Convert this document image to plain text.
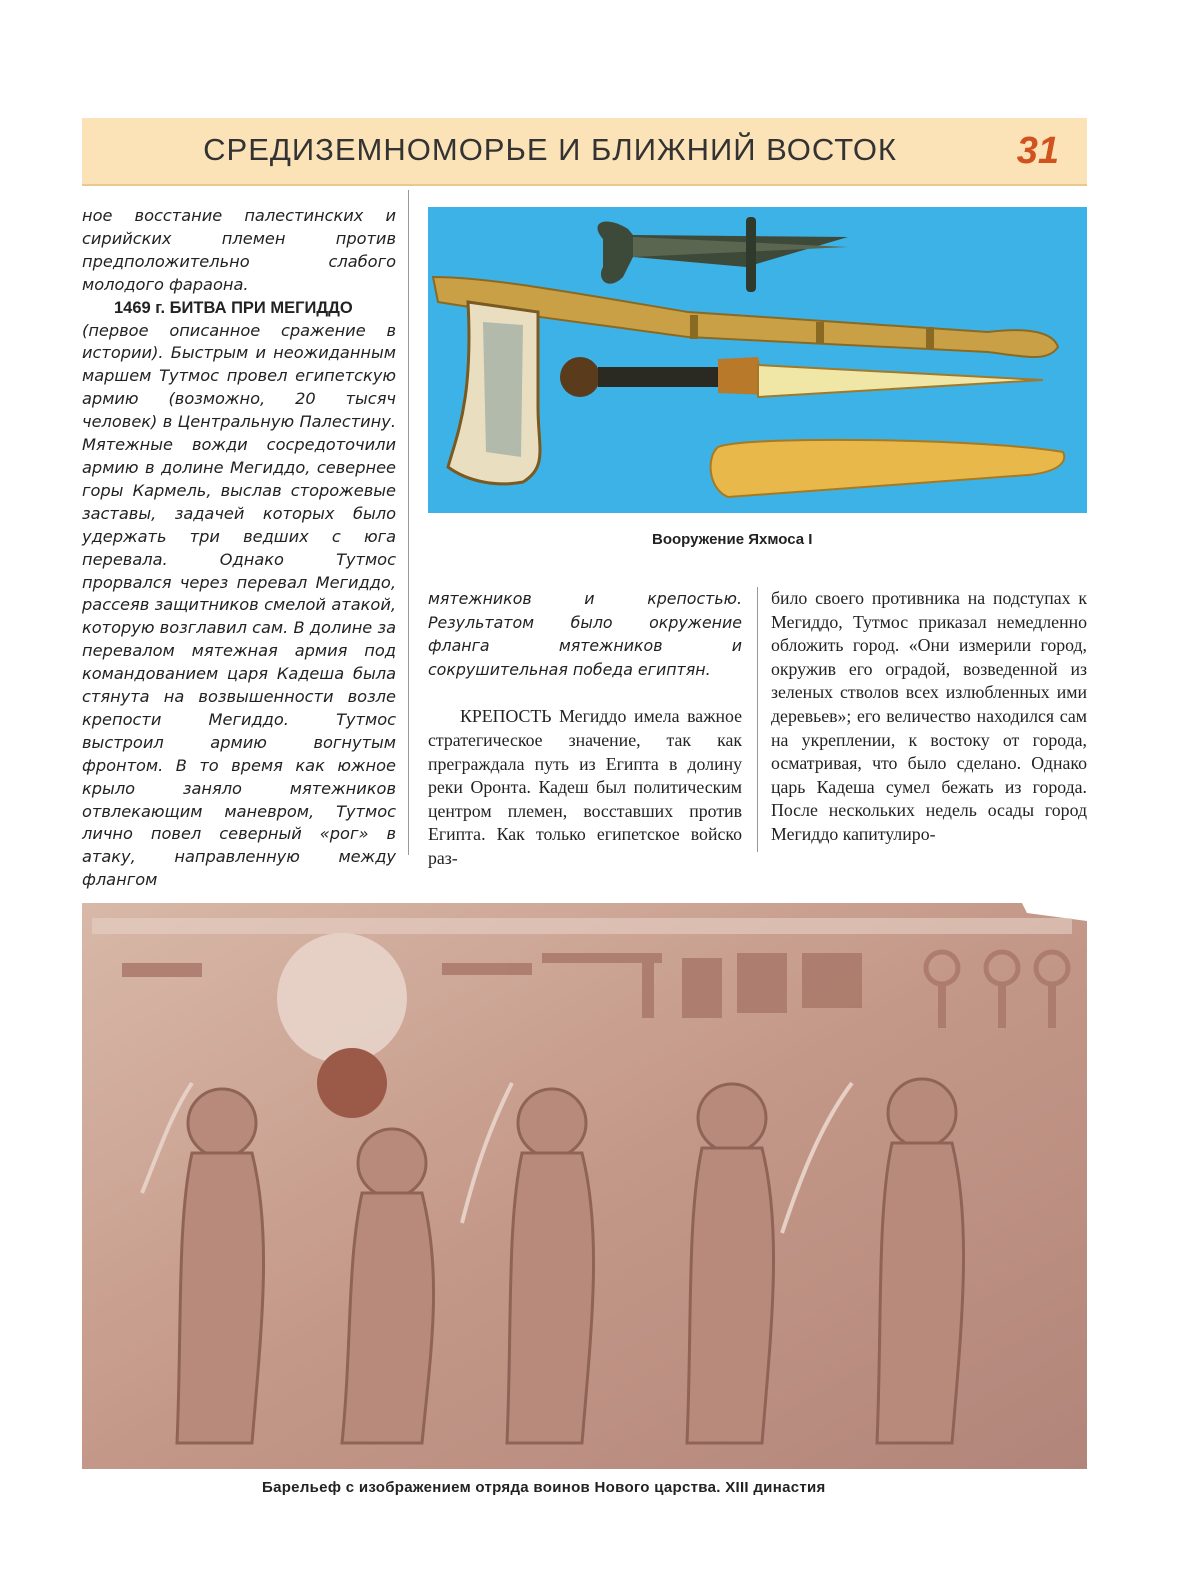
СРЕДИЗЕМНОМОРЬЕ И БЛИЖНИЙ ВОСТОК	31

ное восстание палестинских и сирийских племен против предположительно слабого молодого фараона.

1469 г. БИТВА ПРИ МЕГИДДО

(первое описанное сражение в истории). Быстрым и неожиданным маршем Тутмос провел египетскую армию (возможно, 20 тысяч человек) в Центральную Палестину. Мятежные вожди сосредоточили армию в долине Мегиддо, севернее горы Кармель, выслав сторожевые заставы, задачей которых было удержать три ведших с юга перевала. Однако Тутмос прорвался через перевал Мегиддо, рассеяв защитников смелой атакой, которую возглавил сам. В долине за перевалом мятежная армия под командованием царя Кадеша была стянута на возвышенности возле крепости Мегиддо. Тутмос выстроил армию вогнутым фронтом. В то время как южное крыло заняло мятежников отвлекающим маневром, Тутмос лично повел северный «рог» в атаку, направленную между флангом

Вооружение Яхмоса I

мятежников и крепостью. Результатом было окружение фланга мятежников и сокрушительная победа египтян.

КРЕПОСТЬ Мегиддо имела важное стратегическое значение, так как преграждала путь из Египта в долину реки Оронта. Кадеш был политическим центром племен, восставших против Египта. Как только египетское войско раз-

било своего противника на подступах к Мегиддо, Тутмос приказал немедленно обложить город. «Они измерили город, окружив его оградой, возведенной из зеленых стволов всех излюбленных ими деревьев»; его величество находился сам на укреплении, к востоку от города, осматривая, что было сделано. Однако царь Кадеша сумел бежать из города. После нескольких недель осады город Мегиддо капитулиро-

Барельеф с изображением отряда воинов Нового царства. XIII династия
